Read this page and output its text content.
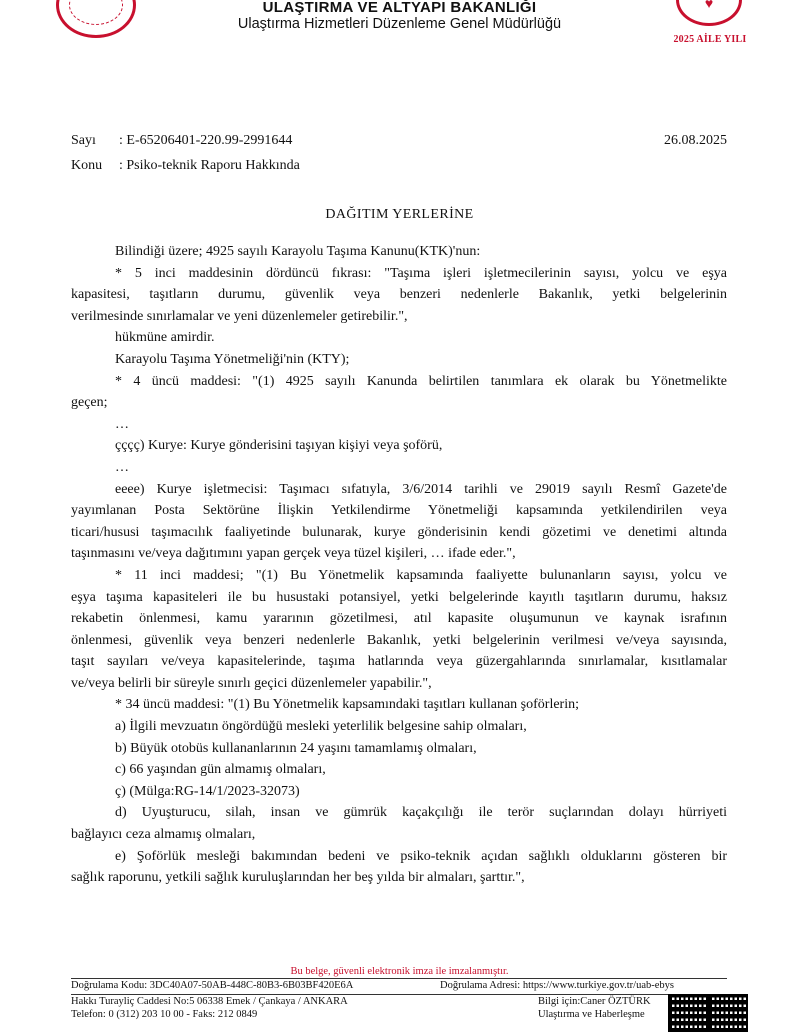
ULAŞTIRMA VE ALTYAPI BAKANLIĞI
Ulaştırma Hizmetleri Düzenleme Genel Müdürlüğü
♥
2025 AİLE YILI
Sayı : E-65206401-220.99-2991644	26.08.2025
Konu : Psiko-teknik Raporu Hakkında
DAĞITIM YERLERİNE

Bilindiği üzere; 4925 sayılı Karayolu Taşıma Kanunu(KTK)'nun:

* 5 inci maddesinin dördüncü fıkrası: "Taşıma işleri işletmecilerinin sayısı, yolcu ve eşya

kapasitesi, taşıtların durumu, güvenlik veya benzeri nedenlerle Bakanlık, yetki belgelerinin

verilmesinde sınırlamalar ve yeni düzenlemeler getirebilir.",

hükmüne amirdir.

Karayolu Taşıma Yönetmeliği'nin (KTY);

* 4 üncü maddesi: "(1) 4925 sayılı Kanunda belirtilen tanımlara ek olarak bu Yönetmelikte

geçen;

…

çççç) Kurye: Kurye gönderisini taşıyan kişiyi veya şoförü,

…

eeee) Kurye işletmecisi: Taşımacı sıfatıyla, 3/6/2014 tarihli ve 29019 sayılı Resmî Gazete'de

yayımlanan Posta Sektörüne İlişkin Yetkilendirme Yönetmeliği kapsamında yetkilendirilen veya

ticari/hususi taşımacılık faaliyetinde bulunarak, kurye gönderisinin kendi gözetimi ve denetimi altında

taşınmasını ve/veya dağıtımını yapan gerçek veya tüzel kişileri, … ifade eder.",

* 11 inci maddesi; "(1) Bu Yönetmelik kapsamında faaliyette bulunanların sayısı, yolcu ve

eşya taşıma kapasiteleri ile bu husustaki potansiyel, yetki belgelerinde kayıtlı taşıtların durumu, haksız

rekabetin önlenmesi, kamu yararının gözetilmesi, atıl kapasite oluşumunun ve kaynak israfının

önlenmesi, güvenlik veya benzeri nedenlerle Bakanlık, yetki belgelerinin verilmesi ve/veya sayısında,

taşıt sayıları ve/veya kapasitelerinde, taşıma hatlarında veya güzergahlarında sınırlamalar, kısıtlamalar

ve/veya belirli bir süreyle sınırlı geçici düzenlemeler yapabilir.",

* 34 üncü maddesi: "(1) Bu Yönetmelik kapsamındaki taşıtları kullanan şoförlerin;

a) İlgili mevzuatın öngördüğü mesleki yeterlilik belgesine sahip olmaları,

b) Büyük otobüs kullananlarının 24 yaşını tamamlamış olmaları,

c) 66 yaşından gün almamış olmaları,

ç) (Mülga:RG-14/1/2023-32073)

d) Uyuşturucu, silah, insan ve gümrük kaçakçılığı ile terör suçlarından dolayı hürriyeti

bağlayıcı ceza almamış olmaları,

e) Şoförlük mesleği bakımından bedeni ve psiko-teknik açıdan sağlıklı olduklarını gösteren bir

sağlık raporunu, yetkili sağlık kuruluşlarından her beş yılda bir almaları, şarttır.",

Bu belge, güvenli elektronik imza ile imzalanmıştır.
Doğrulama Kodu: 3DC40A07-50AB-448C-80B3-6B03BF420E6A	Doğrulama Adresi: https://www.turkiye.gov.tr/uab-ebys
Hakkı Turayliç Caddesi No:5 06338 Emek / Çankaya / ANKARA
Telefon: 0 (312) 203 10 00 - Faks: 212 0849
Bilgi için:Caner ÖZTÜRK
Ulaştırma ve Haberleşme
